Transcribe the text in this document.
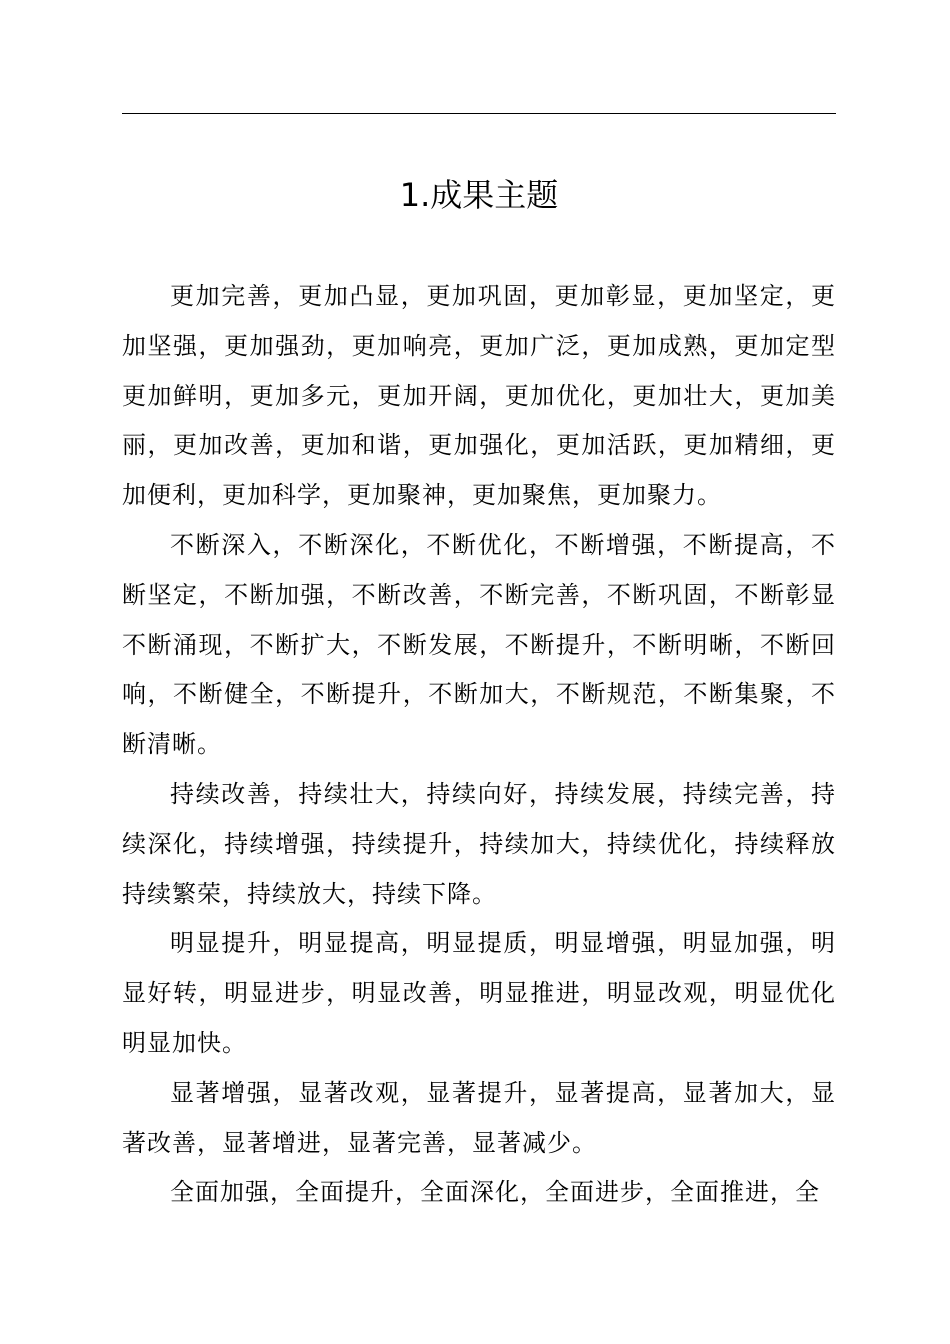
1.成果主题

更加完善，更加凸显，更加巩固，更加彰显，更加坚定，更加坚强，更加强劲，更加响亮，更加广泛，更加成熟，更加定型更加鲜明，更加多元，更加开阔，更加优化，更加壮大，更加美丽，更加改善，更加和谐，更加强化，更加活跃，更加精细，更加便利，更加科学，更加聚神，更加聚焦，更加聚力。

不断深入，不断深化，不断优化，不断增强，不断提高，不断坚定，不断加强，不断改善，不断完善，不断巩固，不断彰显不断涌现，不断扩大，不断发展，不断提升，不断明晰，不断回响，不断健全，不断提升，不断加大，不断规范，不断集聚，不断清晰。

持续改善，持续壮大，持续向好，持续发展，持续完善，持续深化，持续增强，持续提升，持续加大，持续优化，持续释放持续繁荣，持续放大，持续下降。

明显提升，明显提高，明显提质，明显增强，明显加强，明显好转，明显进步，明显改善，明显推进，明显改观，明显优化明显加快。

显著增强，显著改观，显著提升，显著提高，显著加大，显著改善，显著增进，显著完善，显著减少。

全面加强，全面提升，全面深化，全面进步，全面推进，全
